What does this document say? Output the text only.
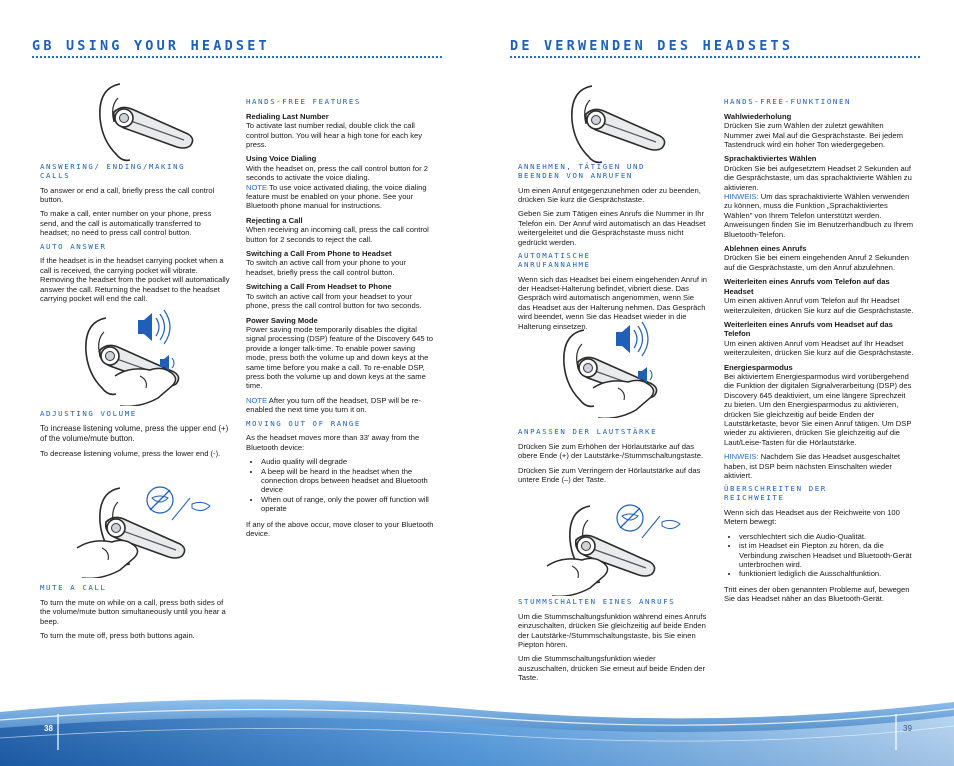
GB USING YOUR HEADSET

ANSWERING/ ENDING/MAKING CALLS

To answer or end a call, briefly press the call control button.

To make a call, enter number on your phone, press send, and the call is automatically transferred to headset; no need to press call control button.

AUTO ANSWER

If the headset is in the headset carrying pocket when a call is received, the carrying pocket will vibrate. Removing the headset from the pocket will automatically answer the call. Returning the headset to the headset carrying pocket will end the call.

ADJUSTING VOLUME

To increase listening volume, press the upper end (+) of the volume/mute button.

To decrease listening volume, press the lower end (-).

MUTE A CALL

To turn the mute on while on a call, press both sides of the volume/mute button simultaneously until you hear a beep.

To turn the mute off, press both buttons again.

HANDS-FREE FEATURES

Redialing Last Number
To activate last number redial, double click the call control button. You will hear a high tone for each key press.

Using Voice Dialing
With the headset on, press the call control button for 2 seconds to activate the voice dialing.
NOTE To use voice activated dialing, the voice dialing feature must be enabled on your phone. See your Bluetooth phone manual for instructions.

Rejecting a Call
When receiving an incoming call, press the call control button for 2 seconds to reject the call.

Switching a Call From Phone to Headset
To switch an active call from your phone to your headset, briefly press the call control button.

Switching a Call From Headset to Phone
To switch an active call from your headset to your phone, press the call control button for two seconds.

Power Saving Mode
Power saving mode temporarily disables the digital signal processing (DSP) feature of the Discovery 645 to provide a longer talk-time. To enable power saving mode, press both the volume up and down keys at the same time before you make a call. To re-enable DSP, press both the volume up and down keys at the same time.

NOTE After you turn off the headset, DSP will be re-enabled the next time you turn it on.

MOVING OUT OF RANGE

As the headset moves more than 33' away from the Bluetooth device:

• Audio quality will degrade
• A beep will be heard in the headset when the connection drops between headset and Bluetooth device
• When out of range, only the power off function will operate

If any of the above occur, move closer to your Bluetooth device.

DE VERWENDEN DES HEADSETS

ANNEHMEN, TÄTIGEN UND BEENDEN VON ANRUFEN

Um einen Anruf entgegenzunehmen oder zu beenden, drücken Sie kurz die Gesprächstaste.

Geben Sie zum Tätigen eines Anrufs die Nummer in Ihr Telefon ein. Der Anruf wird automatisch an das Headset weitergeleitet und die Gesprächstaste muss nicht gedrückt werden.

AUTOMATISCHE ANRUFANNAHME

Wenn sich das Headset bei einem eingehenden Anruf in der Headset-Halterung befindet, vibriert diese. Das Gespräch wird automatisch angenommen, wenn Sie das Headset aus der Halterung nehmen. Das Gespräch wird beendet, wenn Sie das Headset wieder in die Halterung einsetzen.

ANPASSEN DER LAUTSTÄRKE

Drücken Sie zum Erhöhen der Hörlautstärke auf das obere Ende (+) der Lautstärke-/Stummschaltungstaste.

Drücken Sie zum Verringern der Hörlautstärke auf das untere Ende (–) der Taste.

STUMMSCHALTEN EINES ANRUFS

Um die Stummschaltungsfunktion während eines Anrufs einzuschalten, drücken Sie gleichzeitig auf beide Enden der Lautstärke-/Stummschaltungstaste, bis Sie einen Piepton hören.

Um die Stummschaltungsfunktion wieder auszuschalten, drücken Sie erneut auf beide Enden der Taste.

HANDS-FREE-FUNKTIONEN

Wahlwiederholung
Drücken Sie zum Wählen der zuletzt gewählten Nummer zwei Mal auf die Gesprächstaste. Bei jedem Tastendruck wird ein hoher Ton wiedergegeben.

Sprachaktiviertes Wählen
Drücken Sie bei aufgesetztem Headset 2 Sekunden auf die Gesprächstaste, um das sprachaktivierte Wählen zu aktivieren.
HINWEIS: Um das sprachaktivierte Wählen verwenden zu können, muss die Funktion „Sprachaktiviertes Wählen" von Ihrem Telefon unterstützt werden. Anweisungen finden Sie im Benutzerhandbuch zu Ihrem Bluetooth-Telefon.

Ablehnen eines Anrufs
Drücken Sie bei einem eingehenden Anruf 2 Sekunden auf die Gesprächstaste, um den Anruf abzulehnen.

Weiterleiten eines Anrufs vom Telefon auf das Headset
Um einen aktiven Anruf vom Telefon auf Ihr Headset weiterzuleiten, drücken Sie kurz auf die Gesprächstaste.

Weiterleiten eines Anrufs vom Headset auf das Telefon
Um einen aktiven Anruf vom Headset auf Ihr Headset weiterzuleiten, drücken Sie kurz auf die Gesprächstaste.

Energiesparmodus
Bei aktiviertem Energiesparmodus wird vorübergehend die Funktion der digitalen Signalverarbeitung (DSP) des Discovery 645 deaktiviert, um eine längere Sprechzeit zu bieten. Um den Energiesparmodus zu aktivieren, drücken Sie gleichzeitig auf beide Enden der Lautstärketaste, bevor Sie einen Anruf tätigen. Um DSP wieder zu aktivieren, drücken Sie gleichzeitig auf die Laut/Leise-Tasten für die Hörlautstärke.

HINWEIS: Nachdem Sie das Headset ausgeschaltet haben, ist DSP beim nächsten Einschalten wieder aktiviert.

ÜBERSCHREITEN DER REICHWEITE

Wenn sich das Headset aus der Reichweite von 100 Metern bewegt:

• verschlechtert sich die Audio-Qualität.
• ist im Headset ein Piepton zu hören, da die Verbindung zwischen Headset und Bluetooth-Gerät unterbrochen wird.
• funktioniert lediglich die Ausschaltfunktion.

Tritt eines der oben genannten Probleme auf, bewegen Sie das Headset näher an das Bluetooth-Gerät.

38	39
